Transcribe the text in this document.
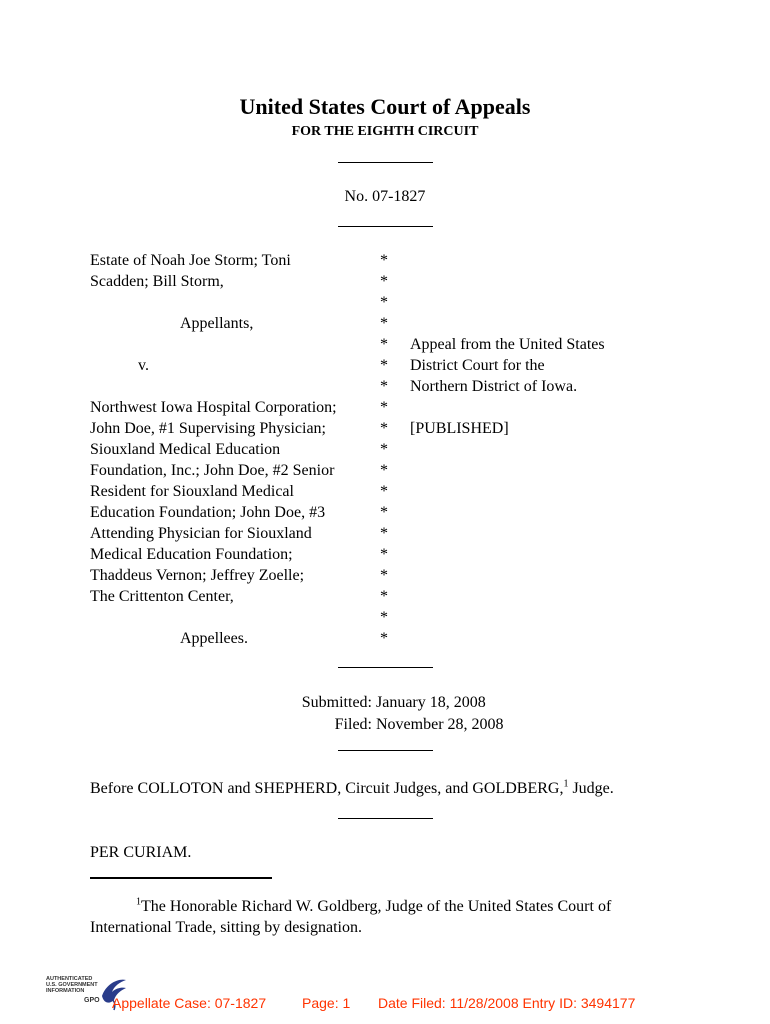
United States Court of Appeals
FOR THE EIGHTH CIRCUIT
No. 07-1827
Estate of Noah Joe Storm; Toni
Scadden; Bill Storm,
Appellants,
v.
Northwest Iowa Hospital Corporation;
John Doe, #1 Supervising Physician;
Siouxland Medical Education
Foundation, Inc.; John Doe, #2 Senior
Resident for Siouxland Medical
Education Foundation; John Doe, #3
Attending Physician for Siouxland
Medical Education Foundation;
Thaddeus Vernon; Jeffrey Zoelle;
The Crittenton Center,
Appellees.
*
*
*
*
*
*
*
*
*
*
*
*
*
*
*
*
*
*
*
Appeal from the United States
District Court for the
Northern District of Iowa.
[PUBLISHED]
Submitted: January 18, 2008
Filed: November 28, 2008
Before COLLOTON and SHEPHERD, Circuit Judges, and GOLDBERG,$^1$ Judge.
PER CURIAM.
$^1$The Honorable Richard W. Goldberg, Judge of the United States Court of
International Trade, sitting by designation.
AUTHENTICATED
U.S. GOVERNMENT
INFORMATION
GPO Appellate Case: 07-1827	Page: 1 Date Filed: 11/28/2008 Entry ID: 3494177
